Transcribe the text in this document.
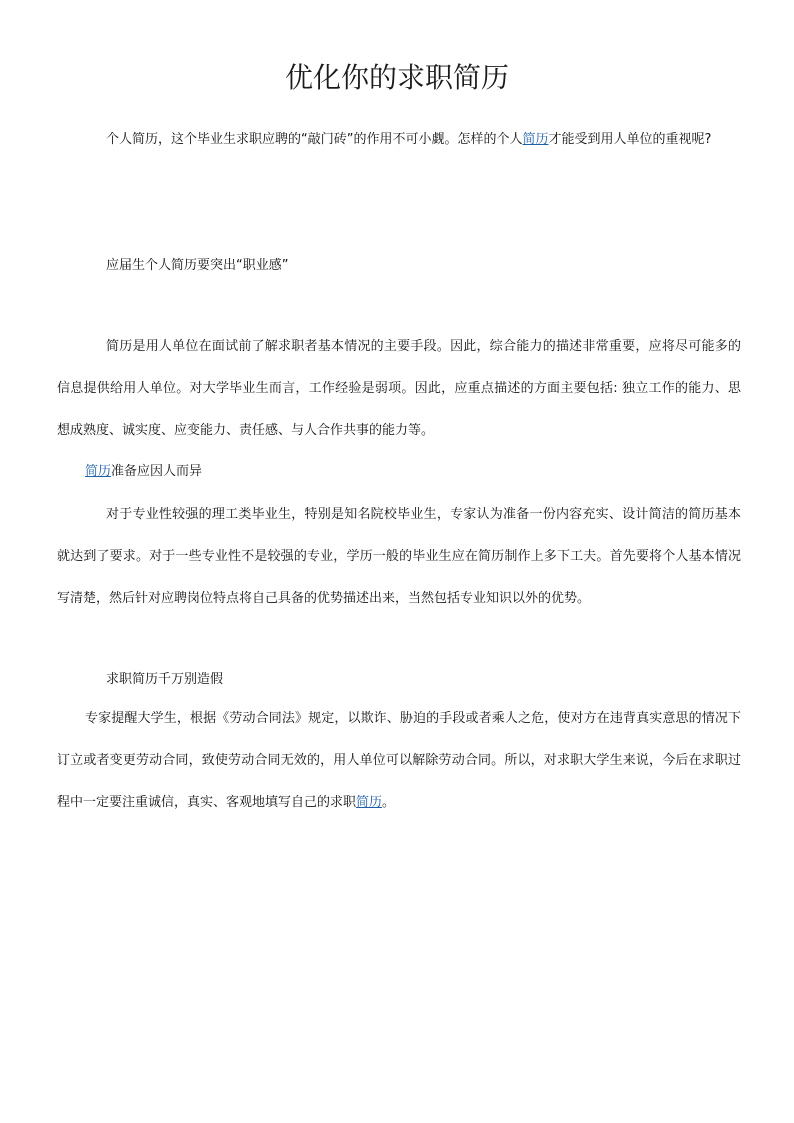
优化你的求职简历

个人简历，这个毕业生求职应聘的“敲门砖”的作用不可小觑。怎样的个人简历才能受到用人单位的重视呢?

应届生个人简历要突出“职业感”

简历是用人单位在面试前了解求职者基本情况的主要手段。因此，综合能力的描述非常重要，应将尽可能多的信息提供给用人单位。对大学毕业生而言，工作经验是弱项。因此，应重点描述的方面主要包括: 独立工作的能力、思想成熟度、诚实度、应变能力、责任感、与人合作共事的能力等。

简历准备应因人而异

对于专业性较强的理工类毕业生，特别是知名院校毕业生，专家认为准备一份内容充实、设计简洁的简历基本就达到了要求。对于一些专业性不是较强的专业，学历一般的毕业生应在简历制作上多下工夫。首先要将个人基本情况写清楚，然后针对应聘岗位特点将自己具备的优势描述出来，当然包括专业知识以外的优势。

求职简历千万别造假

专家提醒大学生，根据《劳动合同法》规定，以欺诈、胁迫的手段或者乘人之危，使对方在违背真实意思的情况下订立或者变更劳动合同，致使劳动合同无效的，用人单位可以解除劳动合同。所以，对求职大学生来说，今后在求职过程中一定要注重诚信，真实、客观地填写自己的求职简历。
